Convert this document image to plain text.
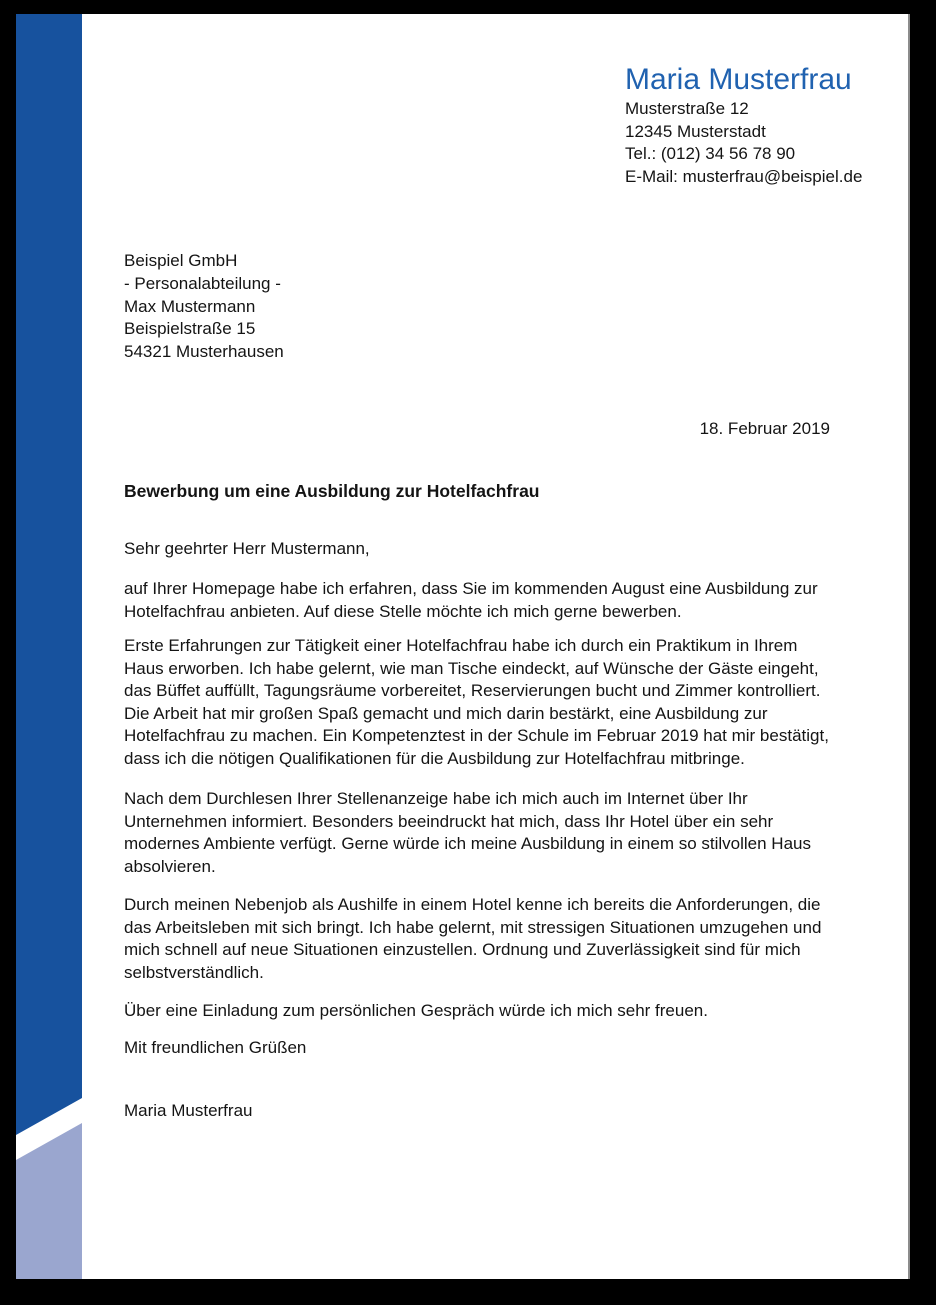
Maria Musterfrau
Musterstraße 12
12345 Musterstadt
Tel.: (012) 34 56 78 90
E-Mail: musterfrau@beispiel.de
Beispiel GmbH
- Personalabteilung -
Max Mustermann
Beispielstraße 15
54321 Musterhausen
18. Februar 2019
Bewerbung um eine Ausbildung zur Hotelfachfrau
Sehr geehrter Herr Mustermann,

auf Ihrer Homepage habe ich erfahren, dass Sie im kommenden August eine Ausbildung zur Hotelfachfrau anbieten. Auf diese Stelle möchte ich mich gerne bewerben.

Erste Erfahrungen zur Tätigkeit einer Hotelfachfrau habe ich durch ein Praktikum in Ihrem Haus erworben. Ich habe gelernt, wie man Tische eindeckt, auf Wünsche der Gäste eingeht, das Büffet auffüllt, Tagungsräume vorbereitet, Reservierungen bucht und Zimmer kontrolliert. Die Arbeit hat mir großen Spaß gemacht und mich darin bestärkt, eine Ausbildung zur Hotelfachfrau zu machen. Ein Kompetenztest in der Schule im Februar 2019 hat mir bestätigt, dass ich die nötigen Qualifikationen für die Ausbildung zur Hotelfachfrau mitbringe.

Nach dem Durchlesen Ihrer Stellenanzeige habe ich mich auch im Internet über Ihr Unternehmen informiert. Besonders beeindruckt hat mich, dass Ihr Hotel über ein sehr modernes Ambiente verfügt. Gerne würde ich meine Ausbildung in einem so stilvollen Haus absolvieren.

Durch meinen Nebenjob als Aushilfe in einem Hotel kenne ich bereits die Anforderungen, die das Arbeitsleben mit sich bringt. Ich habe gelernt, mit stressigen Situationen umzugehen und mich schnell auf neue Situationen einzustellen. Ordnung und Zuverlässigkeit sind für mich selbstverständlich.

Über eine Einladung zum persönlichen Gespräch würde ich mich sehr freuen.

Mit freundlichen Grüßen
Maria Musterfrau
